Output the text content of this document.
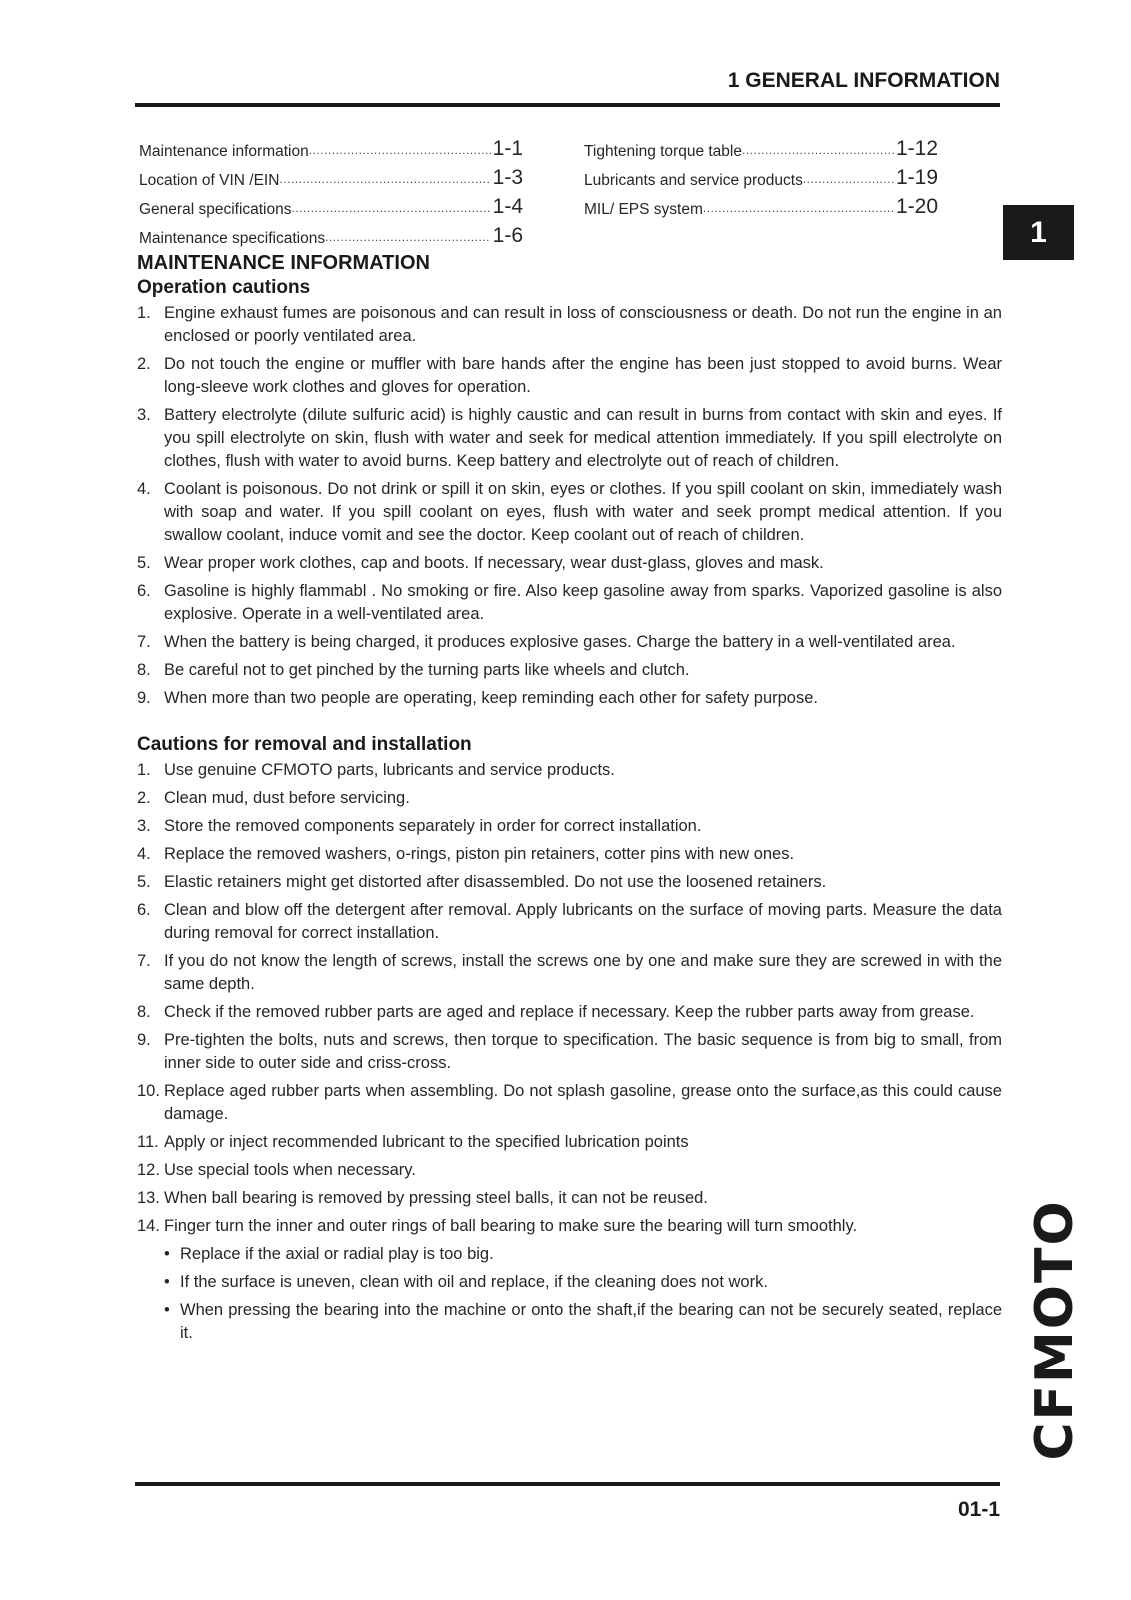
1 GENERAL INFORMATION
Maintenance information .....	1-1
Location of VIN /EIN .....	1-3
General specifications .....	1-4
Maintenance specifications .....	1-6
Tightening torque table .....	1-12
Lubricants and service products .....	1-19
MIL/ EPS system .....	1-20
1
CFMOTO
MAINTENANCE INFORMATION
Operation cautions
1. Engine exhaust fumes are poisonous and can result in loss of consciousness or death. Do not run the engine in an enclosed or poorly ventilated area.
2. Do not touch the engine or muffler with bare hands after the engine has been just stopped to avoid burns. Wear long-sleeve work clothes and gloves for operation.
3. Battery electrolyte (dilute sulfuric acid) is highly caustic and can result in burns from contact with skin and eyes. If you spill electrolyte on skin, flush with water and seek for medical attention immediately. If you spill electrolyte on clothes, flush with water to avoid burns. Keep battery and electrolyte out of reach of children.
4. Coolant is poisonous. Do not drink or spill it on skin, eyes or clothes. If you spill coolant on skin, immediately wash with soap and water. If you spill coolant on eyes, flush with water and seek prompt medical attention. If you swallow coolant, induce vomit and see the doctor. Keep coolant out of reach of children.
5. Wear proper work clothes, cap and boots. If necessary, wear dust-glass, gloves and mask.
6. Gasoline is highly flammabl . No smoking or fire. Also keep gasoline away from sparks. Vaporized gasoline is also explosive. Operate in a well-ventilated area.
7. When the battery is being charged, it produces explosive gases. Charge the battery in a well-ventilated area.
8. Be careful not to get pinched by the turning parts like wheels and clutch.
9. When more than two people are operating, keep reminding each other for safety purpose.
Cautions for removal and installation
1. Use genuine CFMOTO parts, lubricants and service products.
2. Clean mud, dust before servicing.
3. Store the removed components separately in order for correct installation.
4. Replace the removed washers, o-rings, piston pin retainers, cotter pins with new ones.
5. Elastic retainers might get distorted after disassembled. Do not use the loosened retainers.
6. Clean and blow off the detergent after removal. Apply lubricants on the surface of moving parts. Measure the data during removal for correct installation.
7. If you do not know the length of screws, install the screws one by one and make sure they are screwed in with the same depth.
8. Check if the removed rubber parts are aged and replace if necessary. Keep the rubber parts away from grease.
9. Pre-tighten the bolts, nuts and screws, then torque to specification. The basic sequence is from big to small, from inner side to outer side and criss-cross.
10. Replace aged rubber parts when assembling. Do not splash gasoline, grease onto the surface,as this could cause damage.
11. Apply or inject recommended lubricant to the specified lubrication points
12. Use special tools when necessary.
13. When ball bearing is removed by pressing steel balls, it can not be reused.
14. Finger turn the inner and outer rings of ball bearing to make sure the bearing will turn smoothly.
• Replace if the axial or radial play is too big.
• If the surface is uneven, clean with oil and replace, if the cleaning does not work.
• When pressing the bearing into the machine or onto the shaft,if the bearing can not be securely seated, replace it.
01-1
